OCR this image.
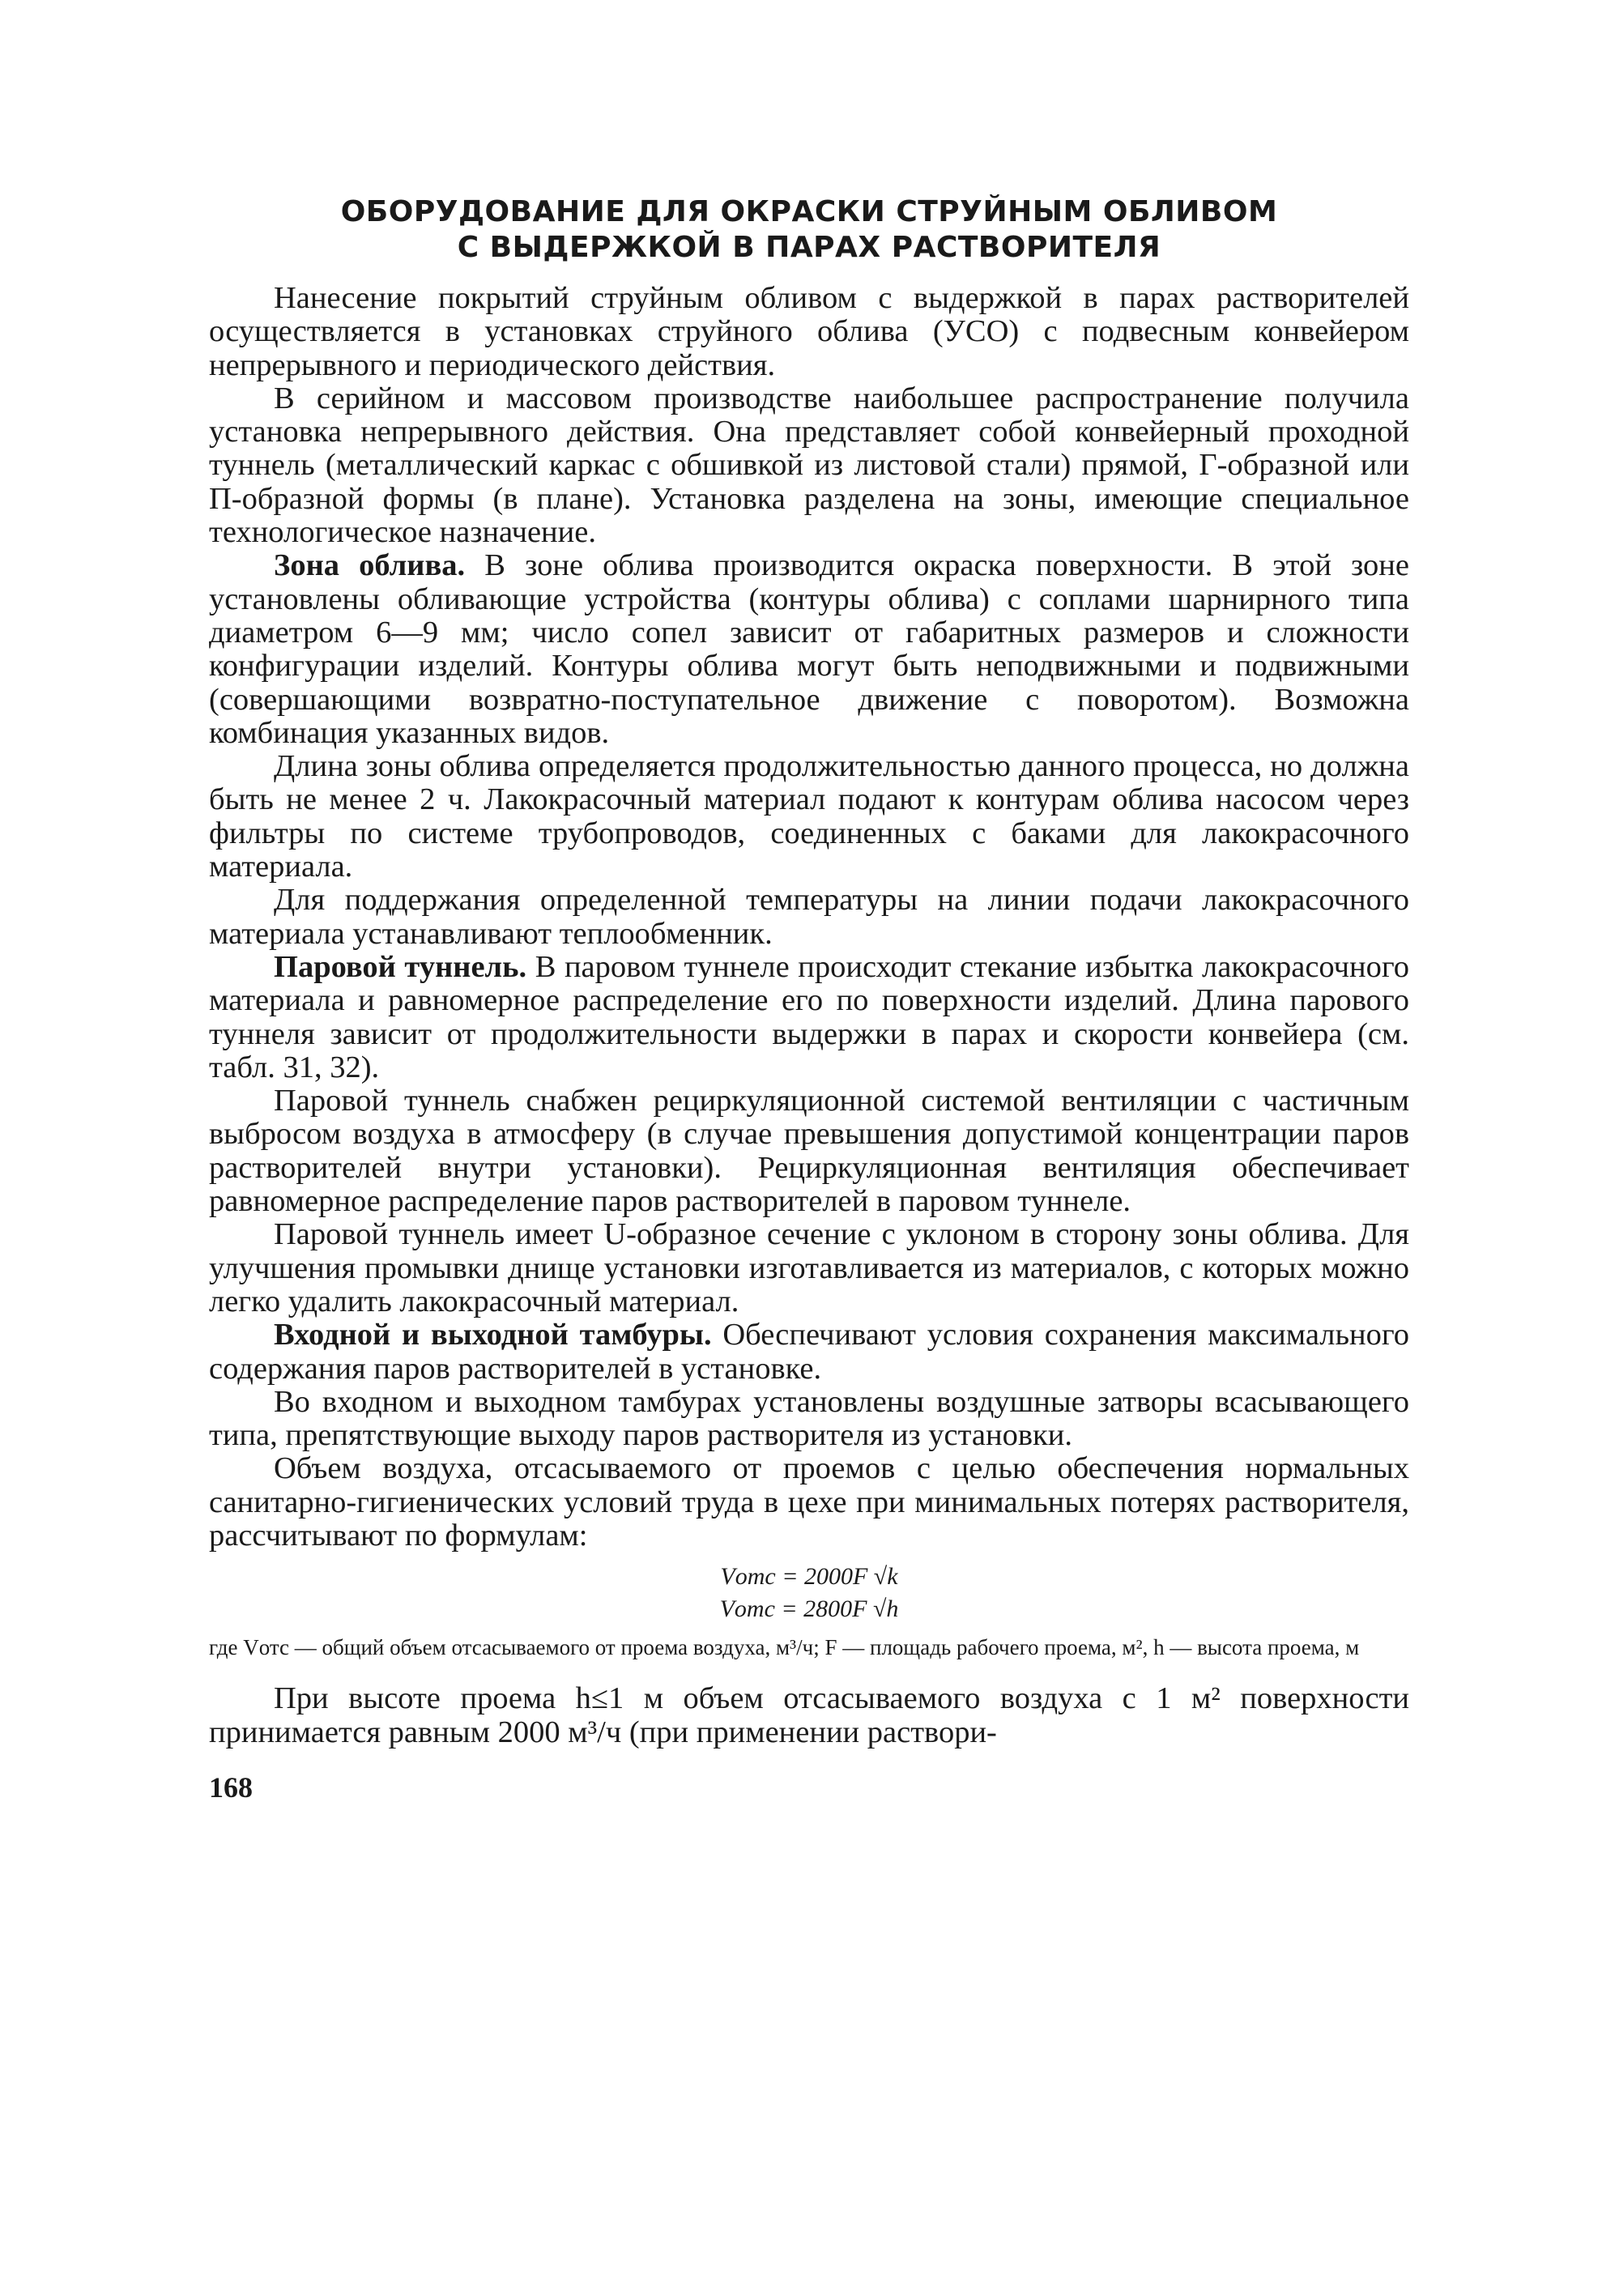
ОБОРУДОВАНИЕ ДЛЯ ОКРАСКИ СТРУЙНЫМ ОБЛИВОМ
С ВЫДЕРЖКОЙ В ПАРАХ РАСТВОРИТЕЛЯ

Нанесение покрытий струйным обливом с выдержкой в парах растворителей осуществляется в установках струйного облива (УСО) с подвесным конвейером непрерывного и периодического действия.

В серийном и массовом производстве наибольшее распространение получила установка непрерывного действия. Она представляет собой конвейерный проходной туннель (металлический каркас с обшивкой из листовой стали) прямой, Г-образной или П-образной формы (в плане). Установка разделена на зоны, имеющие специальное технологическое назначение.

Зона облива. В зоне облива производится окраска поверхности. В этой зоне установлены обливающие устройства (контуры облива) с соплами шарнирного типа диаметром 6—9 мм; число сопел зависит от габаритных размеров и сложности конфигурации изделий. Контуры облива могут быть неподвижными и подвижными (совершающими возвратно-поступательное движение с поворотом). Возможна комбинация указанных видов.

Длина зоны облива определяется продолжительностью данного процесса, но должна быть не менее 2 ч. Лакокрасочный материал подают к контурам облива насосом через фильтры по системе трубопроводов, соединенных с баками для лакокрасочного материала.

Для поддержания определенной температуры на линии подачи лакокрасочного материала устанавливают теплообменник.

Паровой туннель. В паровом туннеле происходит стекание избытка лакокрасочного материала и равномерное распределение его по поверхности изделий. Длина парового туннеля зависит от продолжительности выдержки в парах и скорости конвейера (см. табл. 31, 32).

Паровой туннель снабжен рециркуляционной системой вентиляции с частичным выбросом воздуха в атмосферу (в случае превышения допустимой концентрации паров растворителей внутри установки). Рециркуляционная вентиляция обеспечивает равномерное распределение паров растворителей в паровом туннеле.

Паровой туннель имеет U-образное сечение с уклоном в сторону зоны облива. Для улучшения промывки днище установки изготавливается из материалов, с которых можно легко удалить лакокрасочный материал.

Входной и выходной тамбуры. Обеспечивают условия сохранения максимального содержания паров растворителей в установке.

Во входном и выходном тамбурах установлены воздушные затворы всасывающего типа, препятствующие выходу паров растворителя из установки.

Объем воздуха, отсасываемого от проемов с целью обеспечения нормальных санитарно-гигиенических условий труда в цехе при минимальных потерях растворителя, рассчитывают по формулам:

Vотс = 2000F √k
Vотс = 2800F √h
где Vотс — общий объем отсасываемого от проема воздуха, м³/ч; F — площадь рабочего проема, м², h — высота проема, м

При высоте проема h≤1 м объем отсасываемого воздуха с 1 м² поверхности принимается равным 2000 м³/ч (при применении раствори-

168
